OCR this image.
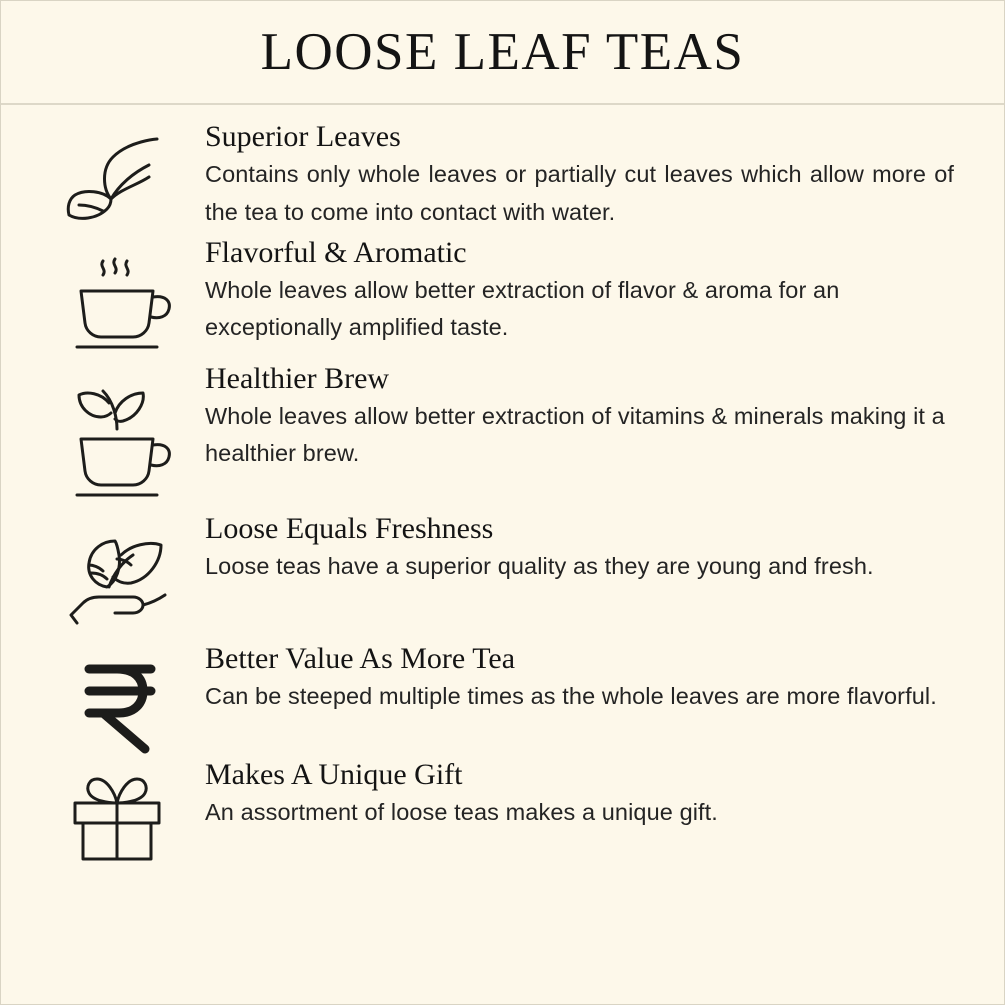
LOOSE LEAF TEAS
Superior Leaves

Contains only whole leaves or partially cut leaves which allow more of the tea to come into contact with water.

Flavorful & Aromatic

Whole leaves allow better extraction of flavor & aroma for an exceptionally amplified taste.

Healthier Brew

Whole leaves allow better extraction of vitamins & minerals making it a healthier brew.

Loose Equals Freshness

Loose teas have a superior quality as they are young and fresh.

Better Value As More Tea

Can be steeped multiple times as the whole leaves are more flavorful.

Makes A Unique Gift

An assortment of loose teas makes a unique gift.
